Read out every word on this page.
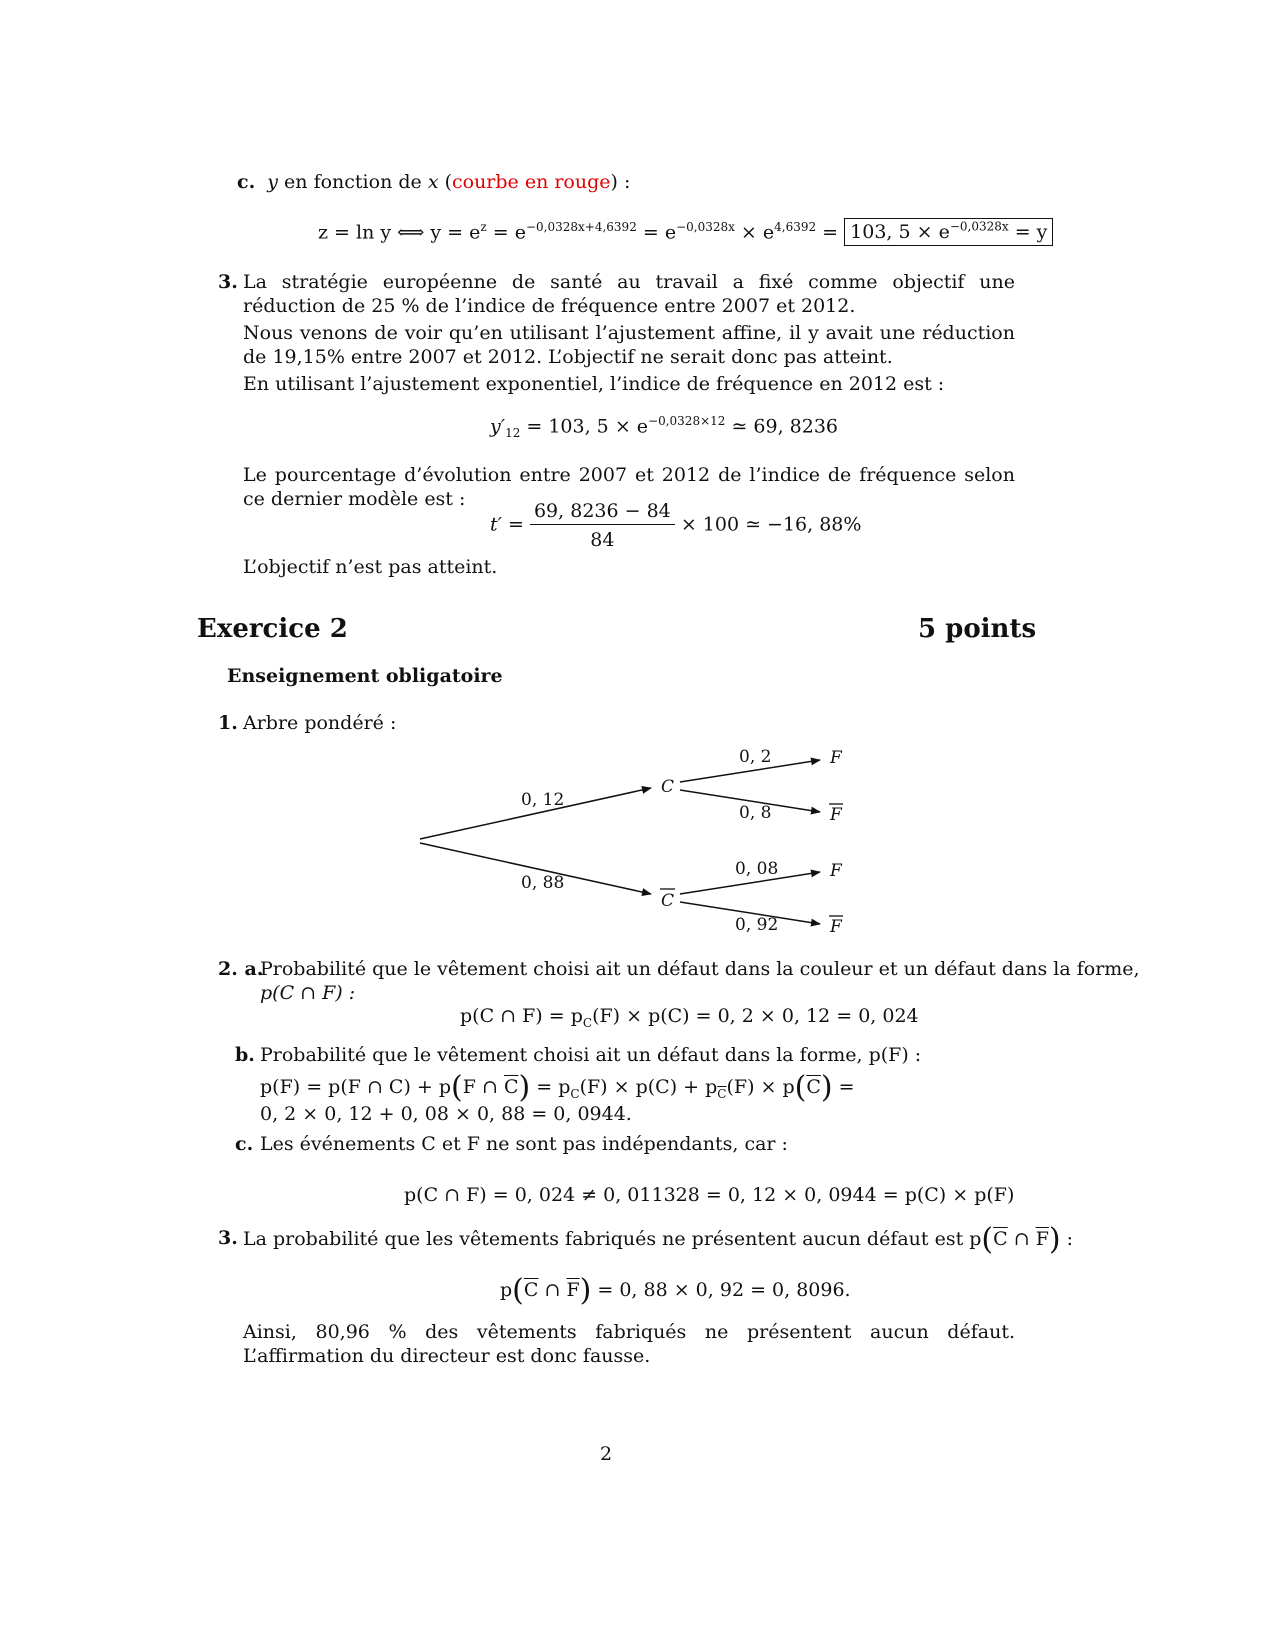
c. y en fonction de x (courbe en rouge) :
z = ln y ⟺ $y = e^z = e^{-0,0328x+4,6392} = e^{-0,0328x} \times e^{4,6392} = 103$, $5 \times e^{-0,0328x} = y$
3. La stratégie européenne de santé au travail a fixé comme objectif une réduction de 25 % de l’indice de fréquence entre 2007 et 2012.
Nous venons de voir qu’en utilisant l’ajustement affine, il y avait une réduction de 19,15% entre 2007 et 2012. L’objectif ne serait donc pas atteint.
En utilisant l’ajustement exponentiel, l’indice de fréquence en 2012 est :
$y'_{12} = 103$, $5 \times e^{-0,0328\times 12}$ ≃ 69, 8236
Le pourcentage d’évolution entre 2007 et 2012 de l’indice de fréquence selon ce dernier modèle est :
$t' = \frac{69, 8236 - 84}{84} \times 100$ ≃ −16, 88%
L’objectif n’est pas atteint.
Exercice 2	5 points
Enseignement obligatoire
1. Arbre pondéré :
0, 12
0, 88
C
C
0, 2
0, 8
0, 08
0, 92
F
F
F
F
2. a.
Probabilité que le vêtement choisi ait un défaut dans la couleur et un défaut dans la forme,
p(C ∩ F) :
p(C ∩ $F) = p_C(F) \times p(C) = 0$, 2 × 0, 12 = 0, 024
b. Probabilité que le vêtement choisi ait un défaut dans la forme, p(F) :
p(F) = p(F ∩ C) + p(F ∩ $\overline{C}) = p_C(F) \times p(C) + p_{\overline{C}}(F) \times p(\overline{C})$ =
0, 2 × 0, 12 + 0, 08 × 0, 88 = 0, 0944.
c. Les événements C et F ne sont pas indépendants, car :
p(C ∩ F) = 0, 024 ≠ 0, 011328 = 0, 12 × 0, 0944 = p(C) × p(F)
3. La probabilité que les vêtements fabriqués ne présentent aucun défaut est $p(\overline{C}$ ∩ $\overline{F}$) :
$p(\overline{C}$ ∩ $\overline{F}) = 0$, 88 × 0, 92 = 0, 8096.
Ainsi, 80,96 % des vêtements fabriqués ne présentent aucun défaut. L’affirmation du directeur est donc fausse.
2
